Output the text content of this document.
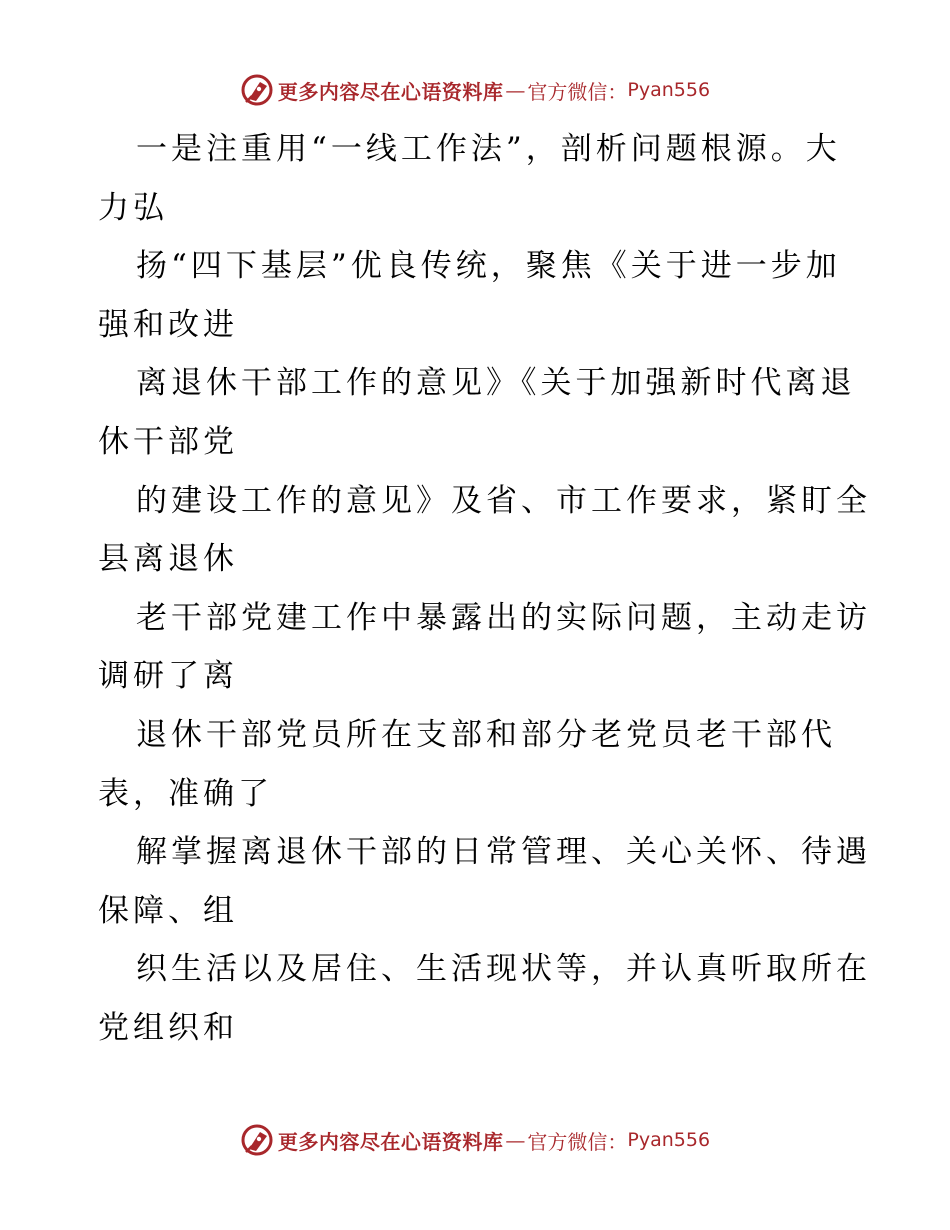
更多内容尽在心语资料库 — 官方微信： Pyan556
一是注重用“一线工作法”，剖析问题根源。大
力弘
扬“四下基层”优良传统，聚焦《关于进一步加
强和改进
离退休干部工作的意见》《关于加强新时代离退
休干部党
的建设工作的意见》及省、市工作要求，紧盯全
县离退休
老干部党建工作中暴露出的实际问题，主动走访
调研了离
退休干部党员所在支部和部分老党员老干部代
表，准确了
解掌握离退休干部的日常管理、关心关怀、待遇
保障、组
织生活以及居住、生活现状等，并认真听取所在
党组织和
更多内容尽在心语资料库 — 官方微信： Pyan556
